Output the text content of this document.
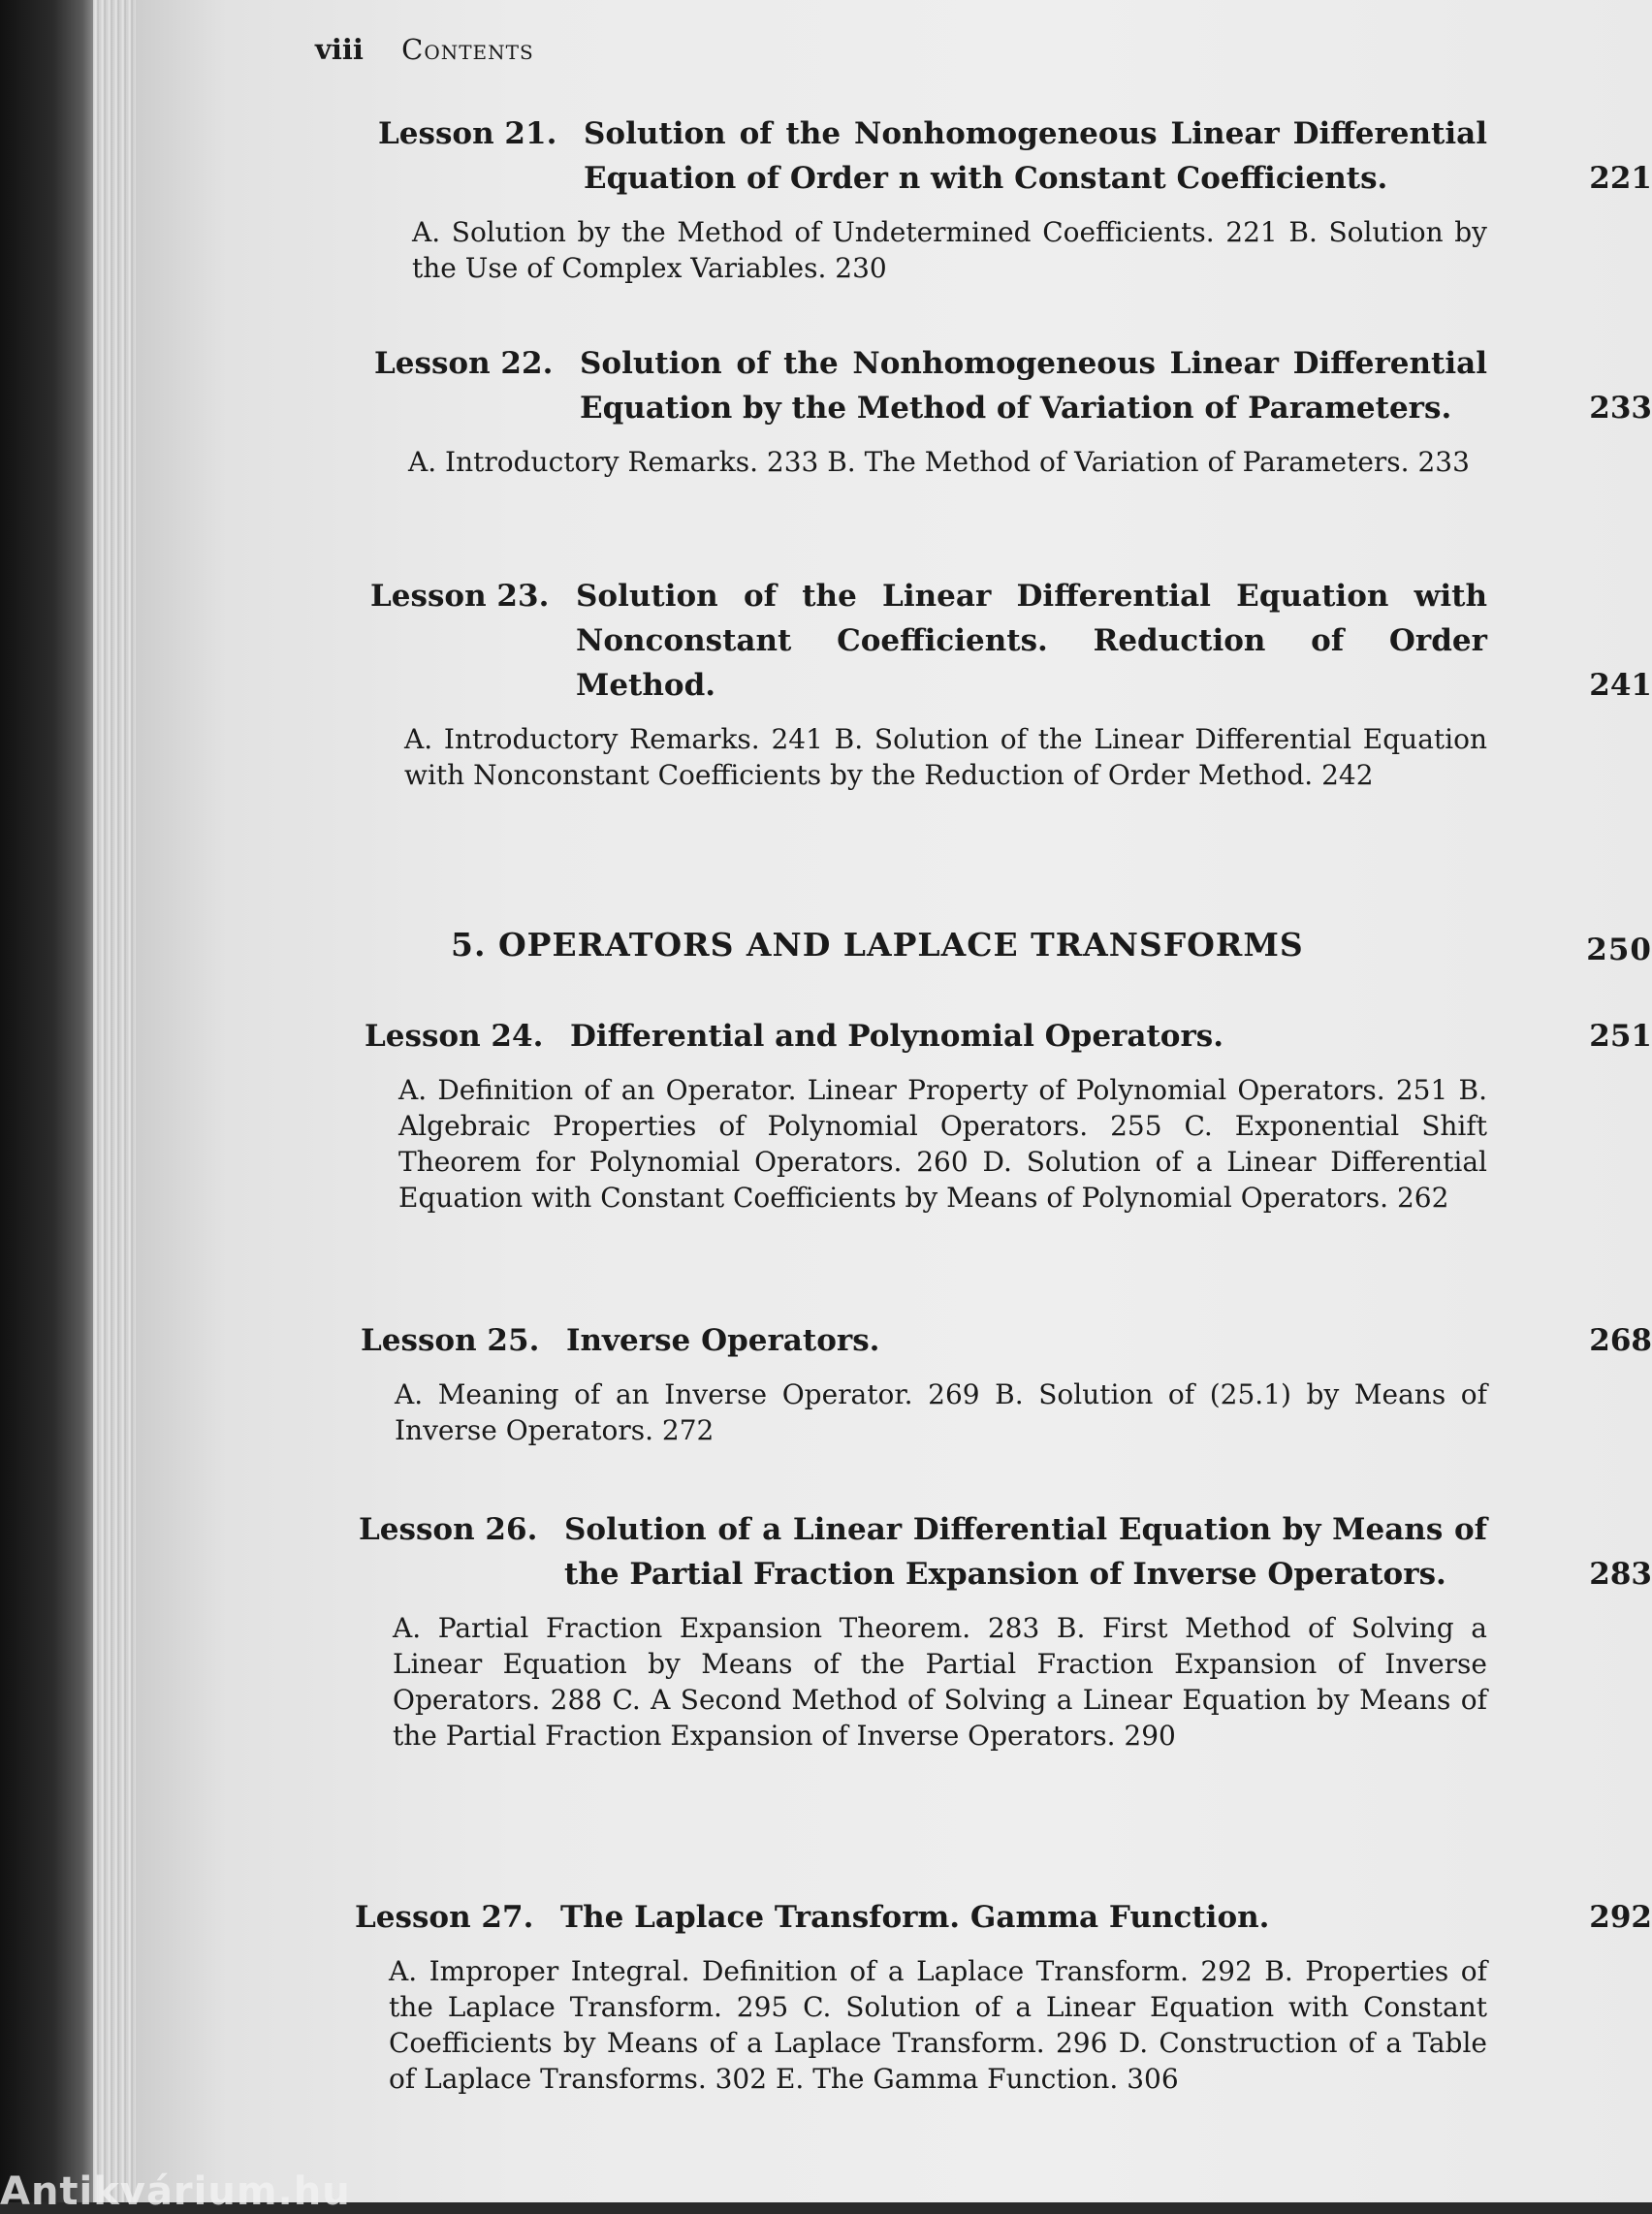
viii Contents
Lesson 21. Solution of the Nonhomogeneous Linear Differential Equation of Order n with Constant Coefficients.	221
A. Solution by the Method of Undetermined Coefficients. 221 B. Solution by the Use of Complex Variables. 230
Lesson 22. Solution of the Nonhomogeneous Linear Differential Equation by the Method of Variation of Parameters.	233
A. Introductory Remarks. 233 B. The Method of Variation of Parameters. 233
Lesson 23. Solution of the Linear Differential Equation with Nonconstant Coefficients. Reduction of Order Method.	241
A. Introductory Remarks. 241 B. Solution of the Linear Differential Equation with Nonconstant Coefficients by the Reduction of Order Method. 242
5. OPERATORS AND LAPLACE TRANSFORMS	250
Lesson 24. Differential and Polynomial Operators.	251
A. Definition of an Operator. Linear Property of Polynomial Operators. 251 B. Algebraic Properties of Polynomial Operators. 255 C. Exponential Shift Theorem for Polynomial Operators. 260 D. Solution of a Linear Differential Equation with Constant Coefficients by Means of Polynomial Operators. 262
Lesson 25. Inverse Operators.	268
A. Meaning of an Inverse Operator. 269 B. Solution of (25.1) by Means of Inverse Operators. 272
Lesson 26. Solution of a Linear Differential Equation by Means of the Partial Fraction Expansion of Inverse Operators.	283
A. Partial Fraction Expansion Theorem. 283 B. First Method of Solving a Linear Equation by Means of the Partial Fraction Expansion of Inverse Operators. 288 C. A Second Method of Solving a Linear Equation by Means of the Partial Fraction Expansion of Inverse Operators. 290
Lesson 27. The Laplace Transform. Gamma Function.	292
A. Improper Integral. Definition of a Laplace Transform. 292 B. Properties of the Laplace Transform. 295 C. Solution of a Linear Equation with Constant Coefficients by Means of a Laplace Transform. 296 D. Construction of a Table of Laplace Transforms. 302 E. The Gamma Function. 306
Antikvárium.hu
